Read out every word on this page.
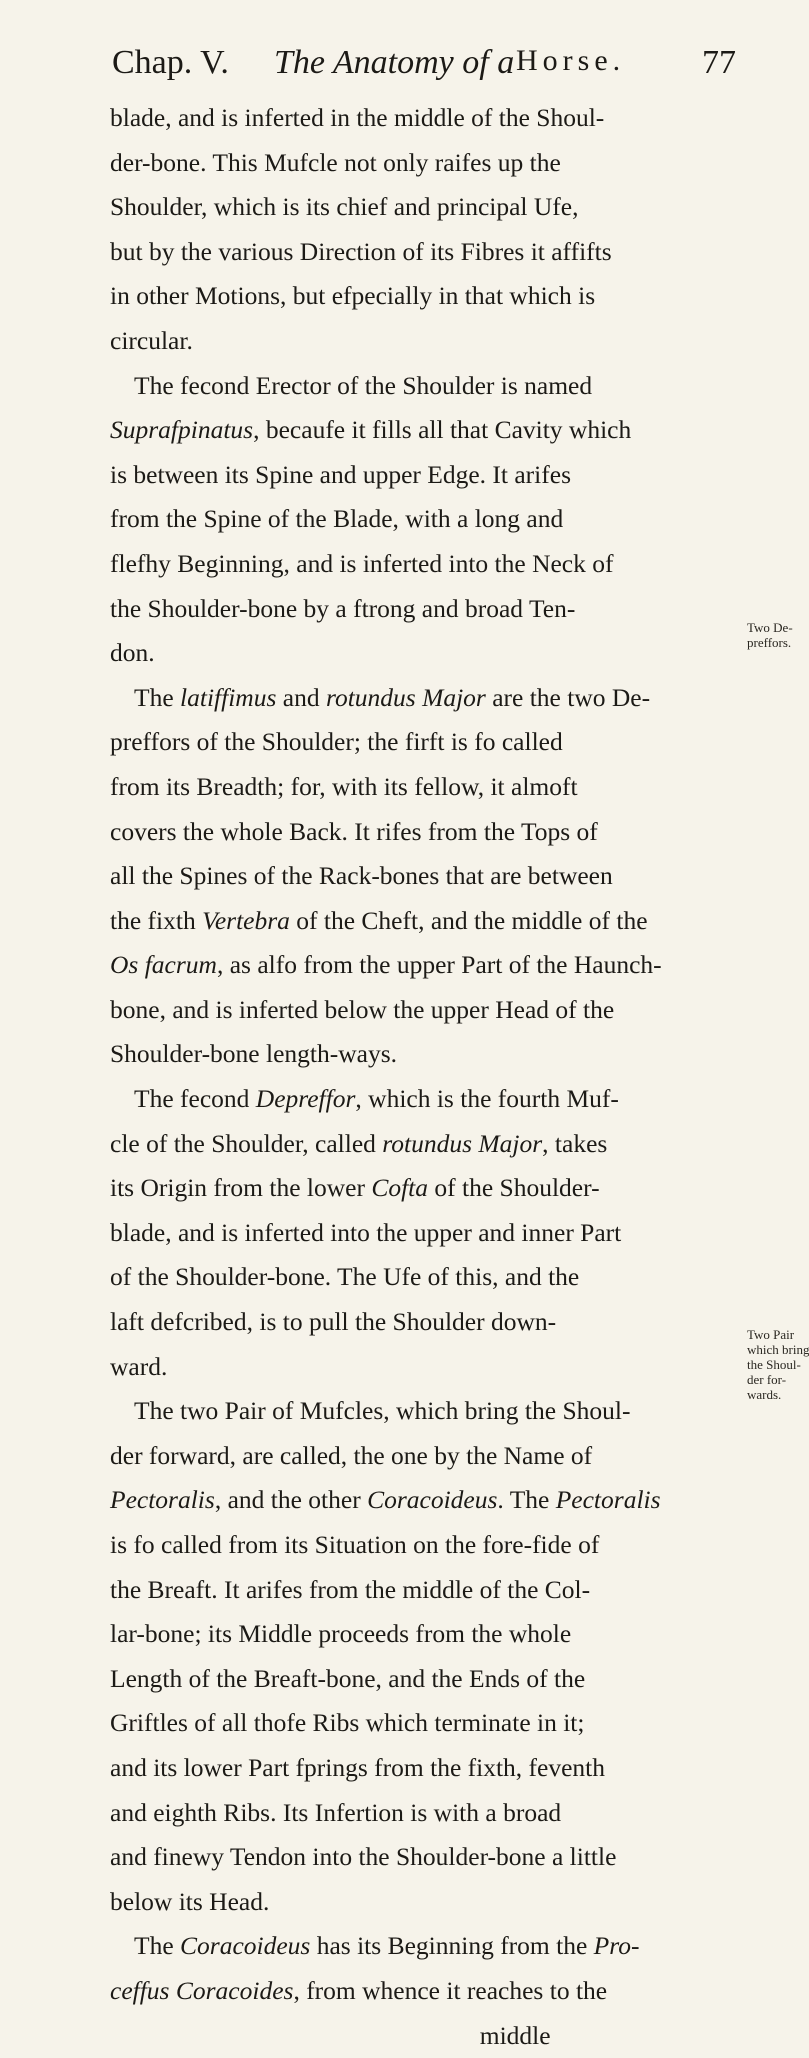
Chap. V. The Anatomy of a Horse. 77
blade, and is inferted in the middle of the Shoul-
der-bone. This Mufcle not only raifes up the
Shoulder, which is its chief and principal Ufe,
but by the various Direction of its Fibres it affifts
in other Motions, but efpecially in that which is
circular.
The fecond Erector of the Shoulder is named
Suprafpinatus, becaufe it fills all that Cavity which
is between its Spine and upper Edge. It arifes
from the Spine of the Blade, with a long and
flefhy Beginning, and is inferted into the Neck of
the Shoulder-bone by a ftrong and broad Ten-
don.
The latiffimus and rotundus Major are the two De-
preffors of the Shoulder; the firft is fo called
from its Breadth; for, with its fellow, it almoft
covers the whole Back. It rifes from the Tops of
all the Spines of the Rack-bones that are between
the fixth Vertebra of the Cheft, and the middle of the
Os facrum, as alfo from the upper Part of the Haunch-
bone, and is inferted below the upper Head of the
Shoulder-bone length-ways.
The fecond Depreffor, which is the fourth Muf-
cle of the Shoulder, called rotundus Major, takes
its Origin from the lower Cofta of the Shoulder-
blade, and is inferted into the upper and inner Part
of the Shoulder-bone. The Ufe of this, and the
laft defcribed, is to pull the Shoulder down-
ward.
The two Pair of Mufcles, which bring the Shoul-
der forward, are called, the one by the Name of
Pectoralis, and the other Coracoideus. The Pectoralis
is fo called from its Situation on the fore-fide of
the Breaft. It arifes from the middle of the Col-
lar-bone; its Middle proceeds from the whole
Length of the Breaft-bone, and the Ends of the
Griftles of all thofe Ribs which terminate in it;
and its lower Part fprings from the fixth, feventh
and eighth Ribs. Its Infertion is with a broad
and finewy Tendon into the Shoulder-bone a little
below its Head.
The Coracoideus has its Beginning from the Pro-
ceffus Coracoides, from whence it reaches to the
middle
Two De-
preffors.
Two Pair
which bring
the Shoul-
der for-
wards.
